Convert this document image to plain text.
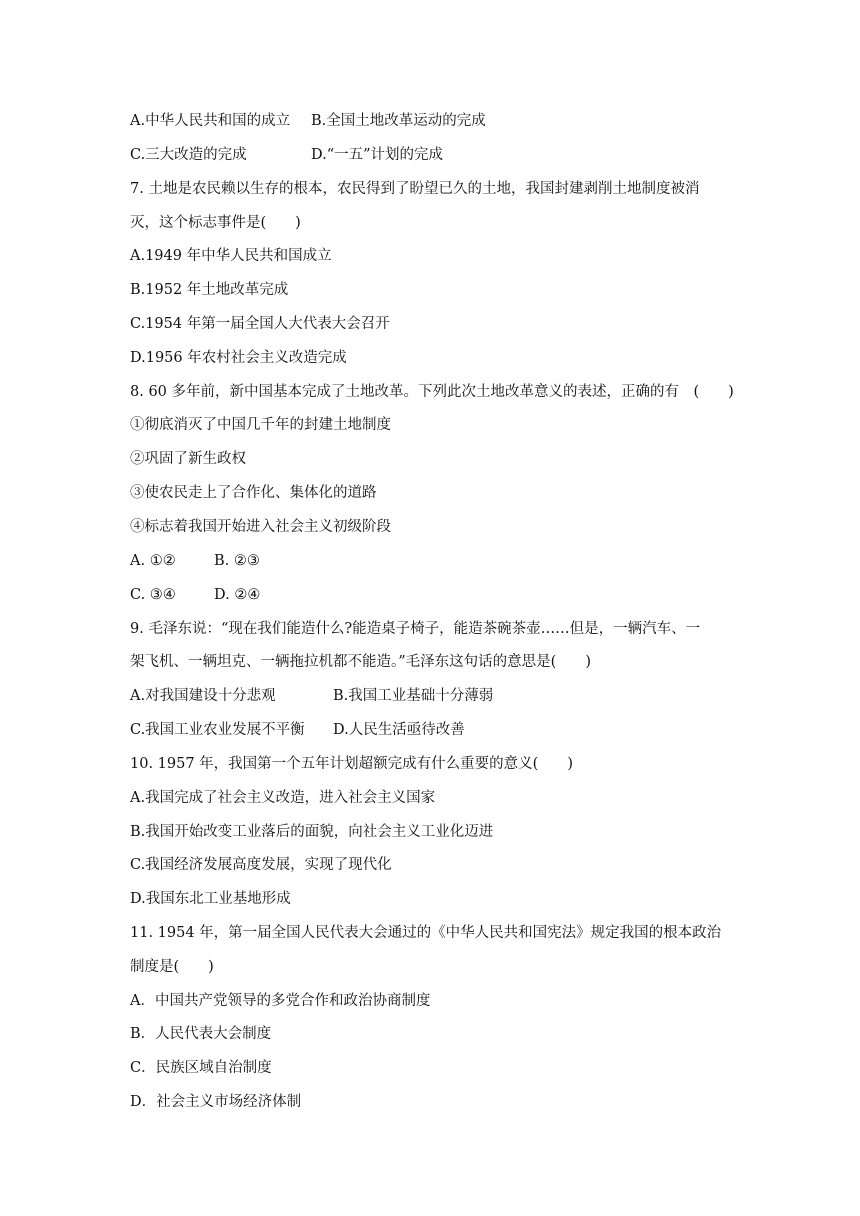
A.中华人民共和国的成立 B.全国土地改革运动的完成
C.三大改造的完成	D.“一五”计划的完成
7. 土地是农民赖以生存的根本，农民得到了盼望已久的土地，我国封建剥削土地制度被消
灭，这个标志事件是(　　)
A.1949 年中华人民共和国成立
B.1952 年土地改革完成
C.1954 年第一届全国人大代表大会召开
D.1956 年农村社会主义改造完成
8. 60 多年前，新中国基本完成了土地改革。下列此次土地改革意义的表述，正确的有　(　　)
①彻底消灭了中国几千年的封建土地制度
②巩固了新生政权
③使农民走上了合作化、集体化的道路
④标志着我国开始进入社会主义初级阶段
A. ①②	B. ②③
C. ③④	D. ②④
9. 毛泽东说：“现在我们能造什么?能造桌子椅子，能造茶碗茶壶……但是，一辆汽车、一
架飞机、一辆坦克、一辆拖拉机都不能造。”毛泽东这句话的意思是(　　)
A.对我国建设十分悲观	B.我国工业基础十分薄弱
C.我国工业农业发展不平衡 D.人民生活亟待改善
10. 1957 年，我国第一个五年计划超额完成有什么重要的意义(　　)
A.我国完成了社会主义改造，进入社会主义国家
B.我国开始改变工业落后的面貌，向社会主义工业化迈进
C.我国经济发展高度发展，实现了现代化
D.我国东北工业基地形成
11. 1954 年，第一届全国人民代表大会通过的《中华人民共和国宪法》规定我国的根本政治
制度是(　　)
A．中国共产党领导的多党合作和政治协商制度
B．人民代表大会制度
C．民族区域自治制度
D．社会主义市场经济体制
